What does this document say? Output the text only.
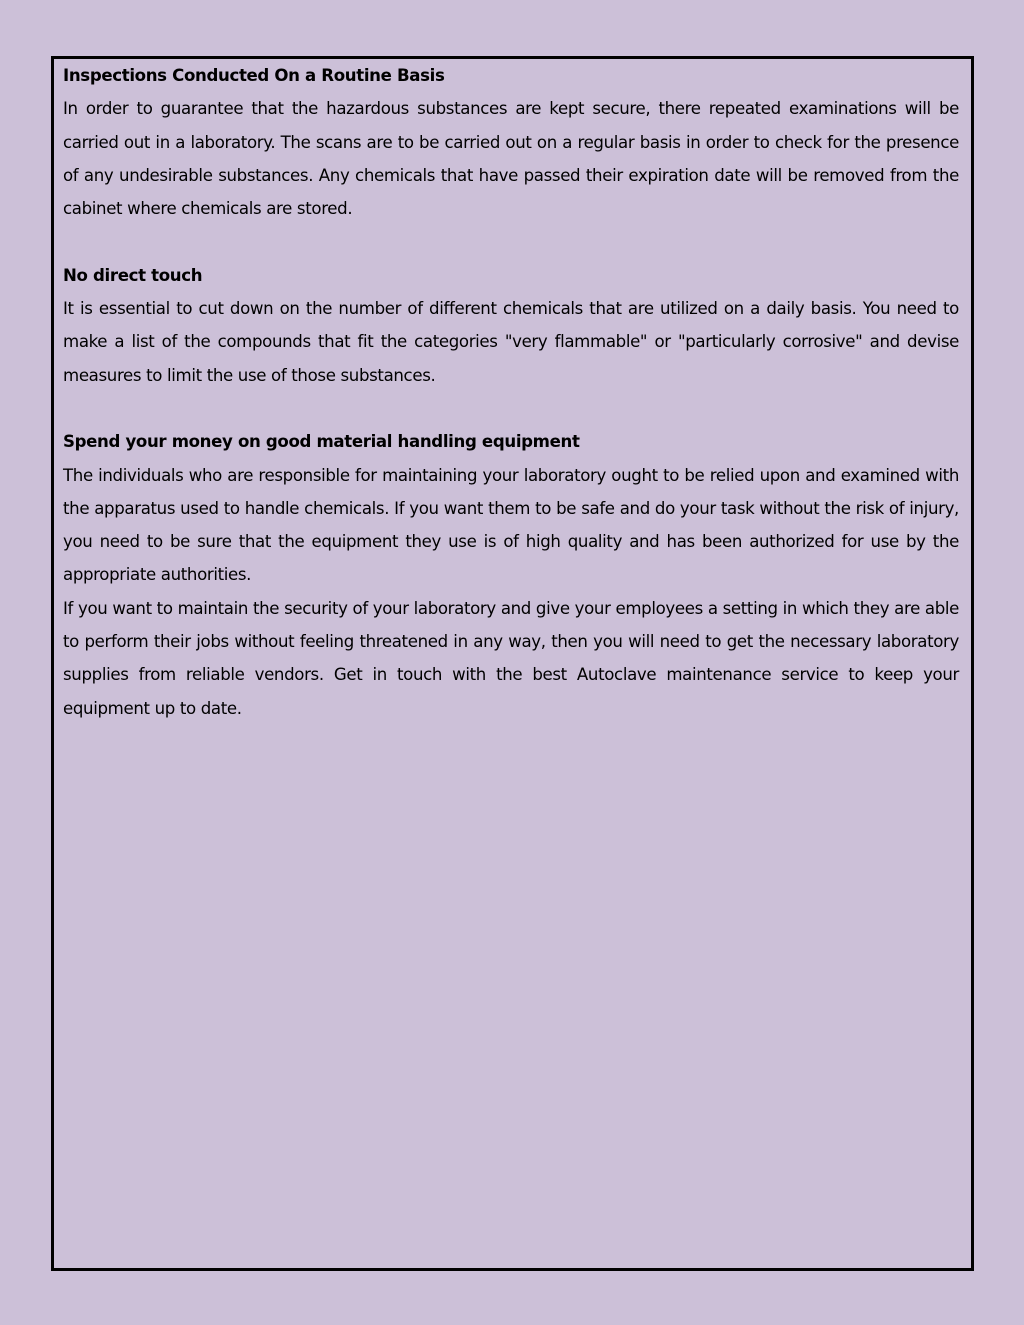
Inspections Conducted On a Routine Basis

In order to guarantee that the hazardous substances are kept secure, there repeated examinations will be carried out in a laboratory. The scans are to be carried out on a regular basis in order to check for the presence of any undesirable substances. Any chemicals that have passed their expiration date will be removed from the cabinet where chemicals are stored.

No direct touch

It is essential to cut down on the number of different chemicals that are utilized on a daily basis. You need to make a list of the compounds that fit the categories "very flammable" or "particularly corrosive" and devise measures to limit the use of those substances.

Spend your money on good material handling equipment

The individuals who are responsible for maintaining your laboratory ought to be relied upon and examined with the apparatus used to handle chemicals. If you want them to be safe and do your task without the risk of injury, you need to be sure that the equipment they use is of high quality and has been authorized for use by the appropriate authorities.

If you want to maintain the security of your laboratory and give your employees a setting in which they are able to perform their jobs without feeling threatened in any way, then you will need to get the necessary laboratory supplies from reliable vendors. Get in touch with the best Autoclave maintenance service to keep your equipment up to date.
